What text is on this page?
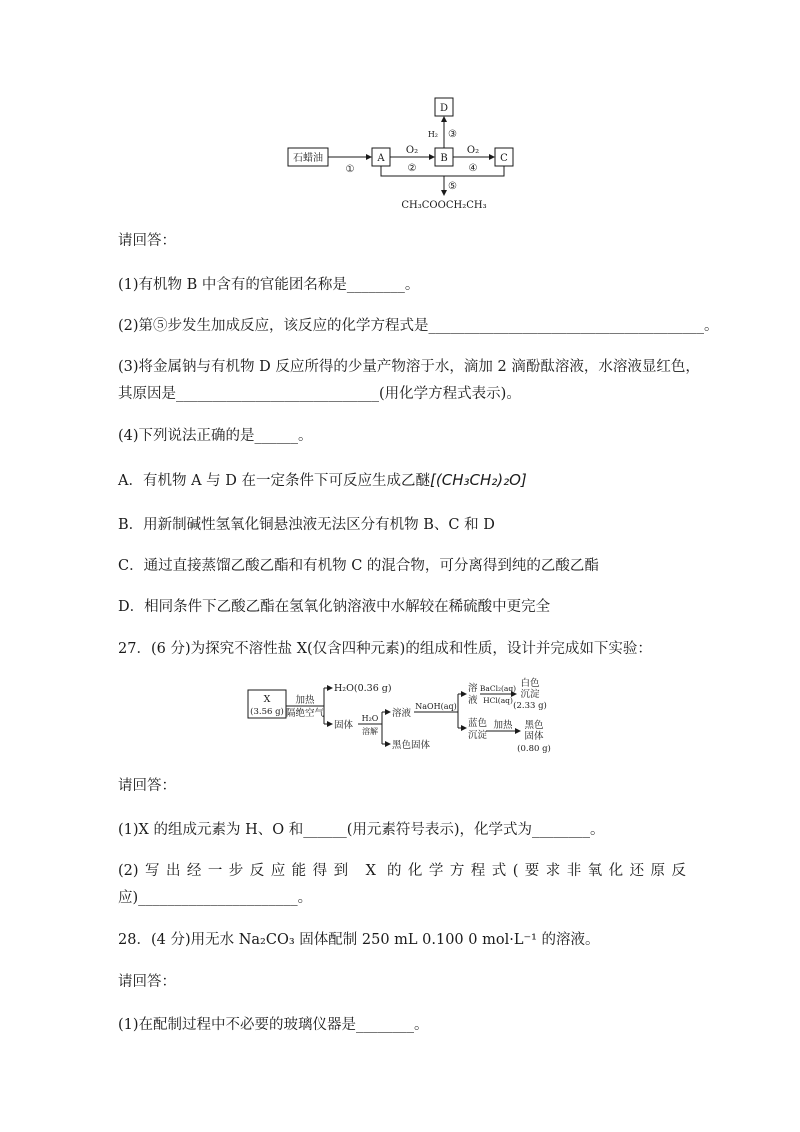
石蜡油	A	B	C
D
①
O₂
②
O₂
④
H₂ ③
⑤
CH₃COOCH₂CH₃
请回答：
(1)有机物 B 中含有的官能团名称是________。
(2)第⑤步发生加成反应，该反应的化学方程式是______________________________________。
(3)将金属钠与有机物 D 反应所得的少量产物溶于水，滴加 2 滴酚酞溶液，水溶液显红色，
其原因是____________________________(用化学方程式表示)。
(4)下列说法正确的是______。
A．有机物 A 与 D 在一定条件下可反应生成乙醚[(CH₃CH₂)₂O]
B．用新制碱性氢氧化铜悬浊液无法区分有机物 B、C 和 D
C．通过直接蒸馏乙酸乙酯和有机物 C 的混合物，可分离得到纯的乙酸乙酯
D．相同条件下乙酸乙酯在氢氧化钠溶液中水解较在稀硫酸中更完全
27．(6 分)为探究不溶性盐 X(仅含四种元素)的组成和性质，设计并完成如下实验：
X
(3.56 g)
加热
隔绝空气
H₂O(0.36 g)
固体
H₂O
溶解
溶液
黑色固体
NaOH(aq)
溶
液
蓝色
沉淀
BaCl₂(aq)
HCl(aq)
白色
沉淀
(2.33 g)
加热 黑色
固体
(0.80 g)
请回答：
(1)X 的组成元素为 H、O 和______(用元素符号表示)，化学式为________。
(2)写出经一步反应能得到 X 的化学方程式(要求非氧化还原反
应)______________________。
28．(4 分)用无水 Na₂CO₃ 固体配制 250 mL 0.100 0 mol·L⁻¹ 的溶液。
请回答：
(1)在配制过程中不必要的玻璃仪器是________。
